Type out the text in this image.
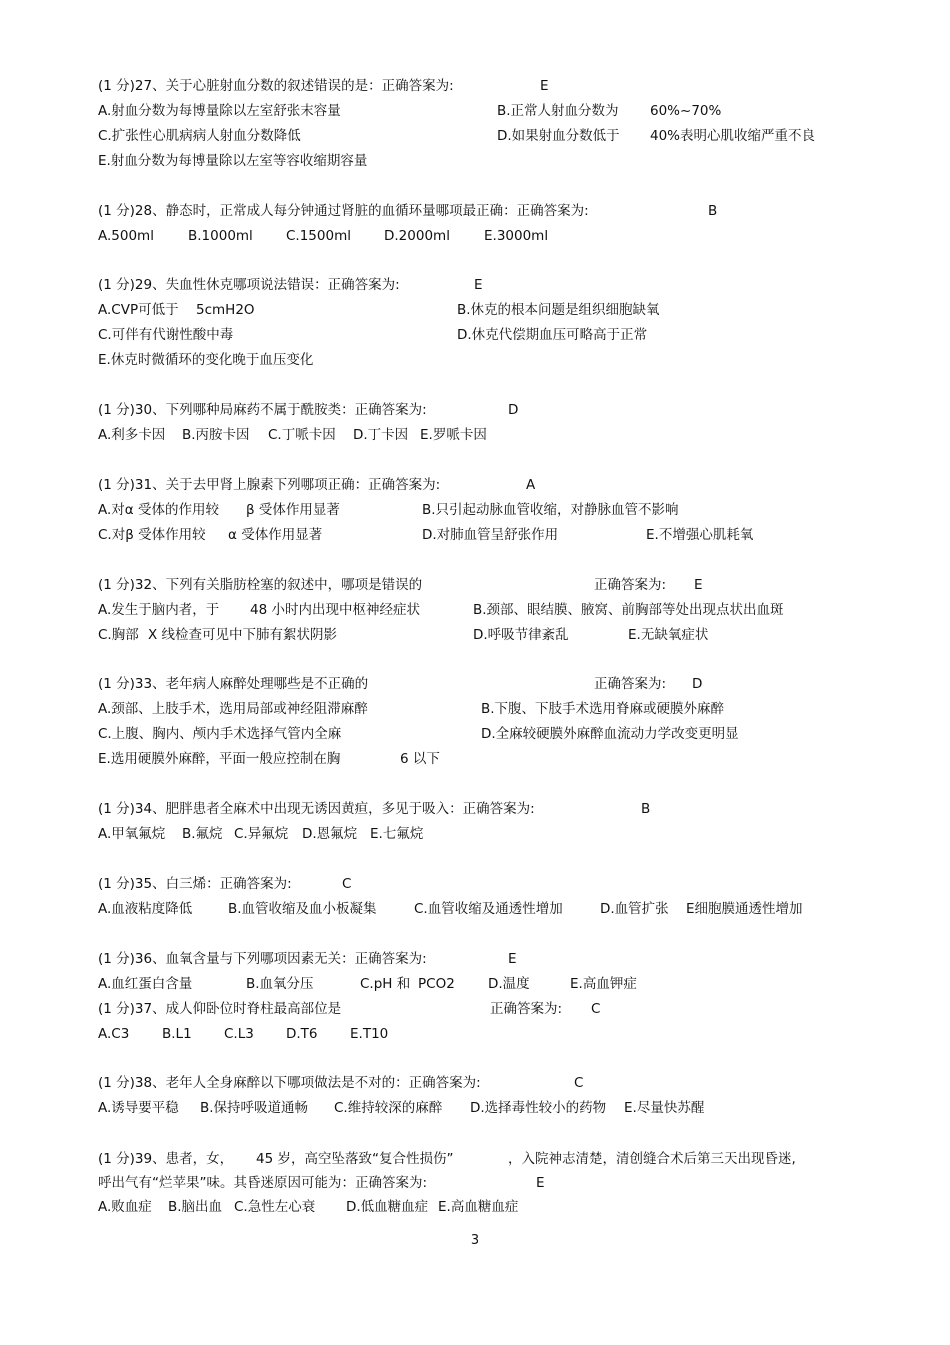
(1 分)27、关于心脏射血分数的叙述错误的是：正确答案为:	E
A.射血分数为每博量除以左室舒张末容量	B.正常人射血分数为 60%~70%
C.扩张性心肌病病人射血分数降低	D.如果射血分数低于 40%表明心肌收缩严重不良
E.射血分数为每博量除以左室等容收缩期容量
(1 分)28、静态时，正常成人每分钟通过肾脏的血循环量哪项最正确：正确答案为:	B
A.500ml	B.1000ml C.1500ml D.2000ml	E.3000ml
(1 分)29、失血性休克哪项说法错误：正确答案为:	E
A.CVP可低于 5cmH2O	B.休克的根本问题是组织细胞缺氧
C.可伴有代谢性酸中毒	D.休克代偿期血压可略高于正常
E.休克时微循环的变化晚于血压变化
(1 分)30、下列哪种局麻药不属于酰胺类：正确答案为:	D
A.利多卡因 B.丙胺卡因 C.丁哌卡因 D.丁卡因 E.罗哌卡因
(1 分)31、关于去甲肾上腺素下列哪项正确：正确答案为:	A
A.对α 受体的作用较 β 受体作用显著	B.只引起动脉血管收缩，对静脉血管不影响
C.对β 受体作用较 α 受体作用显著	D.对肺血管呈舒张作用	E.不增强心肌耗氧
(1 分)32、下列有关脂肪栓塞的叙述中，哪项是错误的	正确答案为: E
A.发生于脑内者，于 48 小时内出现中枢神经症状	B.颈部、眼结膜、腋窝、前胸部等处出现点状出血斑
C.胸部 X 线检查可见中下肺有絮状阴影	D.呼吸节律紊乱	E.无缺氧症状
(1 分)33、老年病人麻醉处理哪些是不正确的	正确答案为: D
A.颈部、上肢手术，选用局部或神经阻滞麻醉	B.下腹、下肢手术选用脊麻或硬膜外麻醉
C.上腹、胸内、颅内手术选择气管内全麻	D.全麻较硬膜外麻醉血流动力学改变更明显
E.选用硬膜外麻醉，平面一般应控制在胸	6 以下
(1 分)34、肥胖患者全麻术中出现无诱因黄疸，多见于吸入：正确答案为:	B
A.甲氧氟烷 B.氟烷 C.异氟烷 D.恩氟烷 E.七氟烷
(1 分)35、白三烯：正确答案为:	C
A.血液粘度降低	B.血管收缩及血小板凝集	C.血管收缩及通透性增加	D.血管扩张 E细胞膜通透性增加
(1 分)36、血氧含量与下列哪项因素无关：正确答案为:	E
A.血红蛋白含量	B.血氧分压	C.pH 和 PCO2 D.温度	E.高血钾症
(1 分)37、成人仰卧位时脊柱最高部位是	正确答案为: C
A.C3 B.L1 C.L3 D.T6 E.T10
(1 分)38、老年人全身麻醉以下哪项做法是不对的：正确答案为:	C
A.诱导要平稳 B.保持呼吸道通畅 C.维持较深的麻醉 D.选择毒性较小的药物 E.尽量快苏醒
(1 分)39、患者，女， 45 岁，高空坠落致“复合性损伤”	，入院神志清楚，清创缝合术后第三天出现昏迷,
呼出气有“烂苹果”味。其昏迷原因可能为：正确答案为:	E
A.败血症 B.脑出血 C.急性左心衰 D.低血糖血症 E.高血糖血症
3
